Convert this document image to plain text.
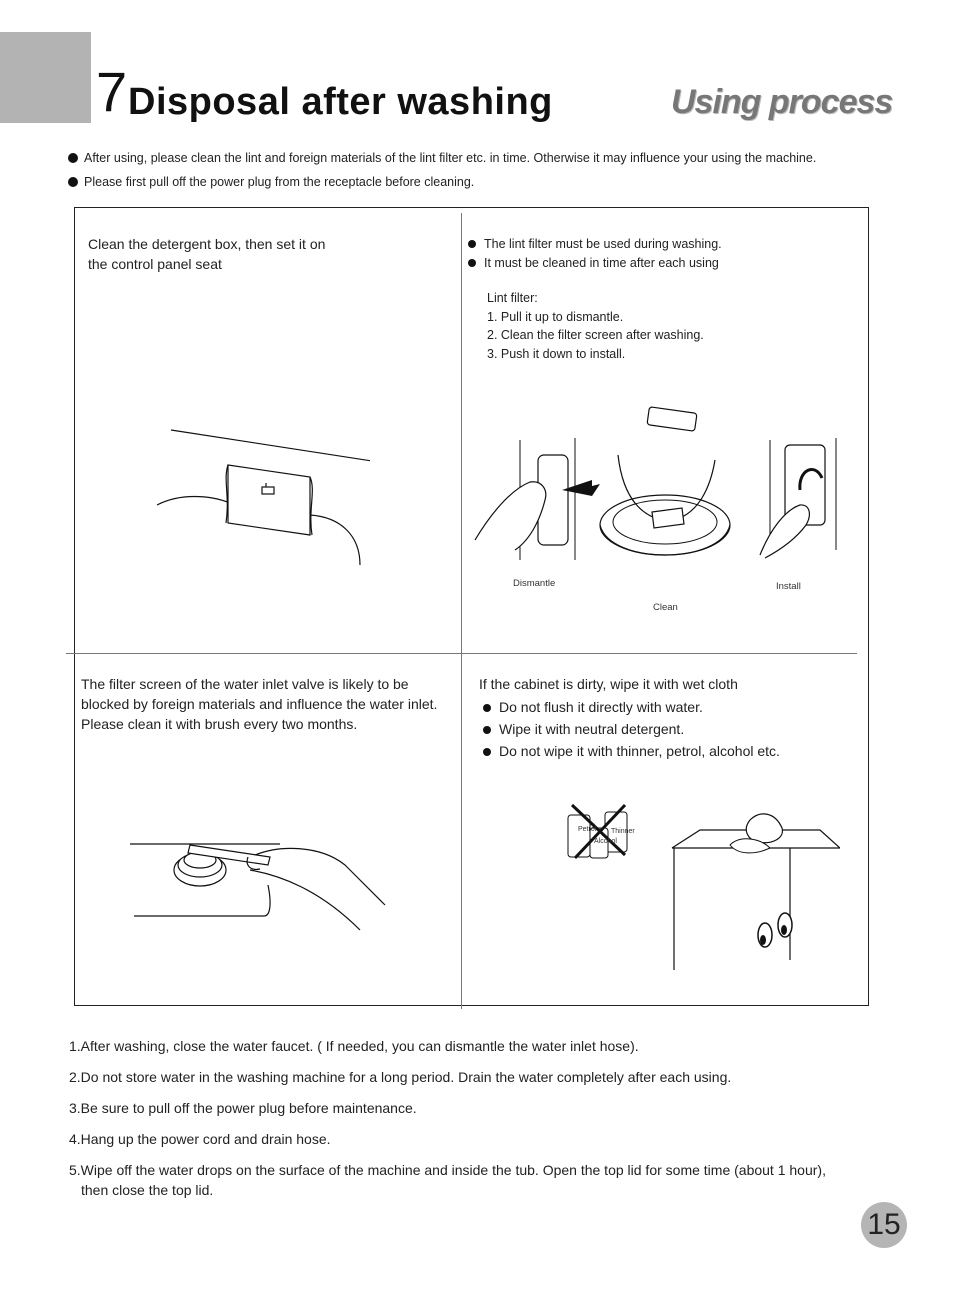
7 Disposal after washing	Using process
After using, please clean the lint and foreign materials of the lint filter etc. in time. Otherwise it may influence your using the machine.
Please first pull off the power plug from the receptacle before cleaning.
Clean the detergent box, then set it on
the control panel seat
The lint filter must be used during washing.
It must be cleaned in time after each using
Lint filter:
1. Pull it up to dismantle.
2. Clean the filter screen after washing.
3. Push it down to install.
Dismantle
Clean
Install
The filter screen of the water inlet valve is likely to be
blocked by foreign materials and influence the water inlet.
Please clean it with brush every two months.
If the cabinet is dirty, wipe it with wet cloth
Do not flush it directly with water.
Wipe it with neutral detergent.
Do not wipe it with thinner, petrol, alcohol etc.
Petrol Thinner
Alcohol
1.After washing, close the water faucet. ( If needed, you can dismantle the water inlet hose).
2.Do not store water in the washing machine for a long period. Drain the water completely after each using.
3.Be sure to pull off the power plug before maintenance.
4.Hang up the power cord and drain hose.
5.Wipe off the water drops on the surface of the machine and inside the tub. Open the top lid for some time (about 1 hour),
then close the top lid.
15
